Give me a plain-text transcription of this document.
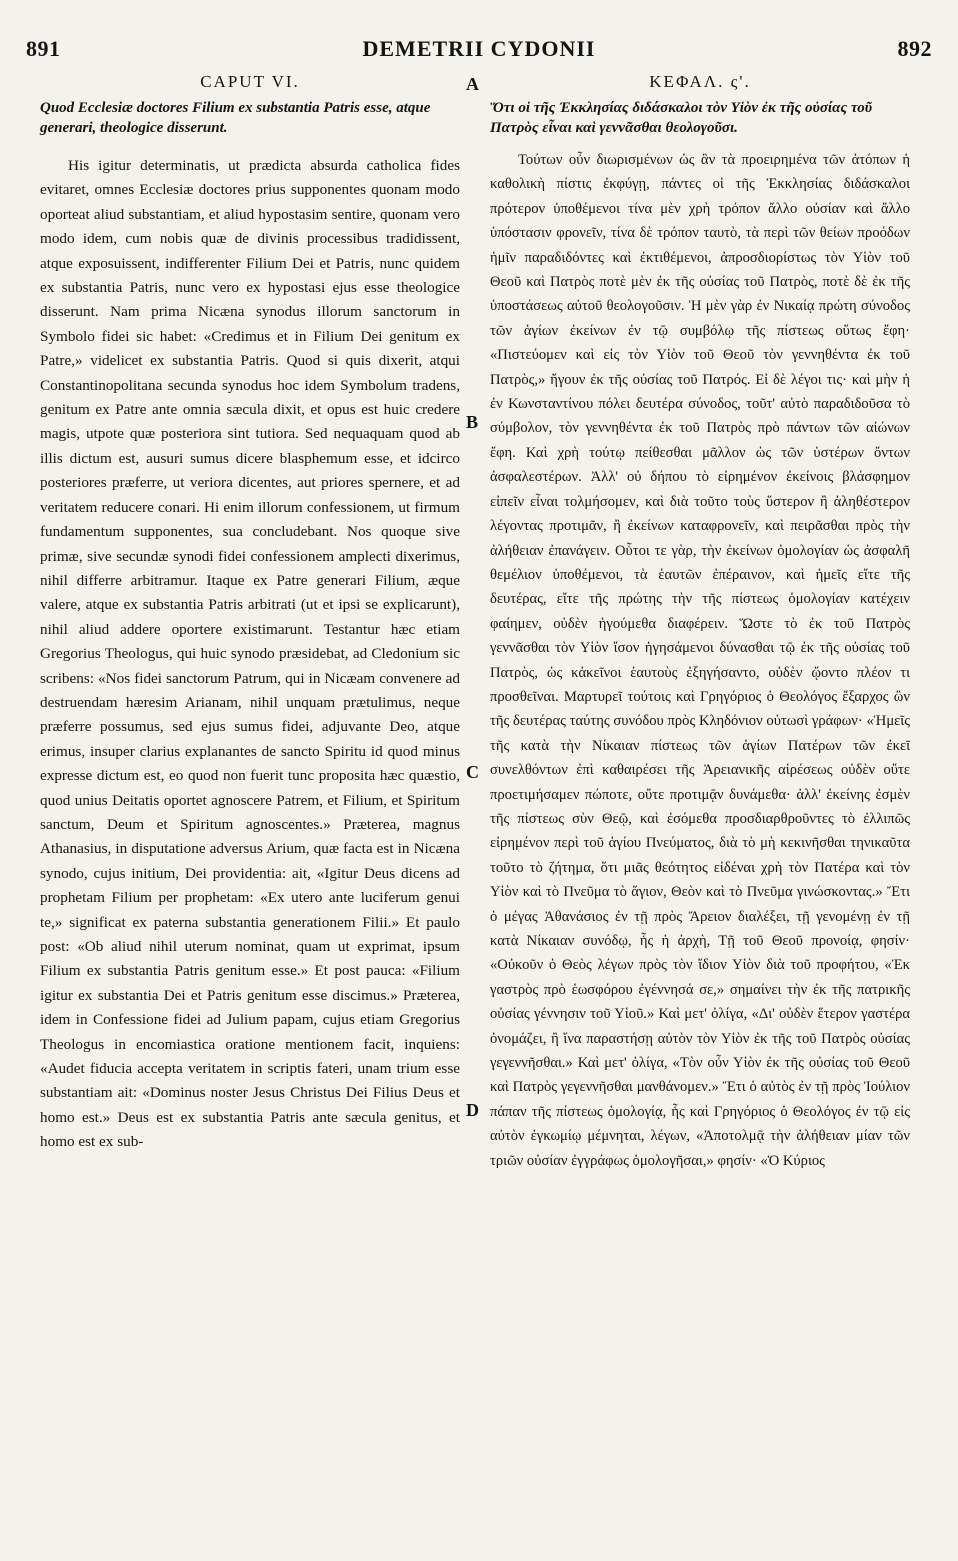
891	DEMETRII CYDONII	892
A
B
C
D
CAPUT VI.
Quod Ecclesiæ doctores Filium ex substantia Patris esse, atque generari, theologice disserunt.

His igitur determinatis, ut prædicta absurda catholica fides evitaret, omnes Ecclesiæ doctores prius supponentes quonam modo oporteat aliud substantiam, et aliud hypostasim sentire, quonam vero modo idem, cum nobis quæ de divinis processibus tradidissent, atque exposuissent, indifferenter Filium Dei et Patris, nunc quidem ex substantia Patris, nunc vero ex hypostasi ejus esse theologice disserunt. Nam prima Nicæna synodus illorum sanctorum in Symbolo fidei sic habet: «Credimus et in Filium Dei genitum ex Patre,» videlicet ex substantia Patris. Quod si quis dixerit, atqui Constantinopolitana secunda synodus hoc idem Symbolum tradens, genitum ex Patre ante omnia sæcula dixit, et opus est huic credere magis, utpote quæ posteriora sint tutiora. Sed nequaquam quod ab illis dictum est, ausuri sumus dicere blasphemum esse, et idcirco posteriores præferre, ut veriora dicentes, aut priores spernere, et ad veritatem reducere conari. Hi enim illorum confessionem, ut firmum fundamentum supponentes, sua concludebant. Nos quoque sive primæ, sive secundæ synodi fidei confessionem amplecti dixerimus, nihil differre arbitramur. Itaque ex Patre generari Filium, æque valere, atque ex substantia Patris arbitrati (ut et ipsi se explicarunt), nihil aliud addere oportere existimarunt. Testantur hæc etiam Gregorius Theologus, qui huic synodo præsidebat, ad Cledonium sic scribens: «Nos fidei sanctorum Patrum, qui in Nicæam convenere ad destruendam hæresim Arianam, nihil unquam prætulimus, neque præferre possumus, sed ejus sumus fidei, adjuvante Deo, atque erimus, insuper clarius explanantes de sancto Spiritu id quod minus expresse dictum est, eo quod non fuerit tunc proposita hæc quæstio, quod unius Deitatis oportet agnoscere Patrem, et Filium, et Spiritum sanctum, Deum et Spiritum agnoscentes.» Præterea, magnus Athanasius, in disputatione adversus Arium, quæ facta est in Nicæna synodo, cujus initium, Dei providentia: ait, «Igitur Deus dicens ad prophetam Filium per prophetam: «Ex utero ante luciferum genui te,» significat ex paterna substantia generationem Filii.» Et paulo post: «Ob aliud nihil uterum nominat, quam ut exprimat, ipsum Filium ex substantia Patris genitum esse.» Et post pauca: «Filium igitur ex substantia Dei et Patris genitum esse discimus.» Præterea, idem in Confessione fidei ad Julium papam, cujus etiam Gregorius Theologus in encomiastica oratione mentionem facit, inquiens: «Audet fiducia accepta veritatem in scriptis fateri, unam trium esse substantiam ait: «Dominus noster Jesus Christus Dei Filius Deus et homo est.» Deus est ex substantia Patris ante sæcula genitus, et homo est ex sub-

ΚΕΦΑΛ. ς'.
Ὅτι οἱ τῆς Ἐκκλησίας διδάσκαλοι τὸν Υἱὸν ἐκ τῆς οὐσίας τοῦ Πατρὸς εἶναι καὶ γεννᾶσθαι θεολογοῦσι.

Τούτων οὖν διωρισμένων ὡς ἂν τὰ προειρημένα τῶν ἀτόπων ἡ καθολικὴ πίστις ἐκφύγῃ, πάντες οἱ τῆς Ἐκκλησίας διδάσκαλοι πρότερον ὑποθέμενοι τίνα μὲν χρὴ τρόπον ἄλλο οὐσίαν καὶ ἄλλο ὑπόστασιν φρονεῖν, τίνα δὲ τρόπον ταυτὸ, τὰ περὶ τῶν θείων προόδων ἡμῖν παραδιδόντες καὶ ἐκτιθέμενοι, ἀπροσδιορίστως τὸν Υἱὸν τοῦ Θεοῦ καὶ Πατρὸς ποτὲ μὲν ἐκ τῆς οὐσίας τοῦ Πατρὸς, ποτὲ δὲ ἐκ τῆς ὑποστάσεως αὐτοῦ θεολογοῦσιν. Ἡ μὲν γὰρ ἐν Νικαίᾳ πρώτη σύνοδος τῶν ἁγίων ἐκείνων ἐν τῷ συμβόλῳ τῆς πίστεως οὕτως ἔφη· «Πιστεύομεν καὶ εἰς τὸν Υἱὸν τοῦ Θεοῦ τὸν γεννηθέντα ἐκ τοῦ Πατρὸς,» ἤγουν ἐκ τῆς οὐσίας τοῦ Πατρός. Εἰ δὲ λέγοι τις· καὶ μὴν ἡ ἐν Κωνσταντίνου πόλει δευτέρα σύνοδος, τοῦτ' αὐτὸ παραδιδοῦσα τὸ σύμβολον, τὸν γεννηθέντα ἐκ τοῦ Πατρὸς πρὸ πάντων τῶν αἰώνων ἔφη. Καὶ χρὴ τούτῳ πείθεσθαι μᾶλλον ὡς τῶν ὑστέρων ὄντων ἀσφαλεστέρων. Ἀλλ' οὐ δήπου τὸ εἰρημένον ἐκείνοις βλάσφημον εἰπεῖν εἶναι τολμήσομεν, καὶ διὰ τοῦτο τοὺς ὕστερον ἢ ἀληθέστερον λέγοντας προτιμᾶν, ἢ ἐκείνων καταφρονεῖν, καὶ πειρᾶσθαι πρὸς τὴν ἀλήθειαν ἐπανάγειν. Οὗτοι τε γὰρ, τὴν ἐκείνων ὁμολογίαν ὡς ἀσφαλῆ θεμέλιον ὑποθέμενοι, τὰ ἑαυτῶν ἐπέραινον, καὶ ἡμεῖς εἴτε τῆς δευτέρας, εἴτε τῆς πρώτης τὴν τῆς πίστεως ὁμολογίαν κατέχειν φαίημεν, οὐδὲν ἡγούμεθα διαφέρειν. Ὥστε τὸ ἐκ τοῦ Πατρὸς γεννᾶσθαι τὸν Υἱὸν ἴσον ἡγησάμενοι δύνασθαι τῷ ἐκ τῆς οὐσίας τοῦ Πατρὸς, ὡς κἀκεῖνοι ἑαυτοὺς ἐξηγήσαντο, οὐδὲν ᾤοντο πλέον τι προσθεῖναι. Μαρτυρεῖ τούτοις καὶ Γρηγόριος ὁ Θεολόγος ἔξαρχος ὢν τῆς δευτέρας ταύτης συνόδου πρὸς Κληδόνιον οὑτωσὶ γράφων· «Ἡμεῖς τῆς κατὰ τὴν Νίκαιαν πίστεως τῶν ἁγίων Πατέρων τῶν ἐκεῖ συνελθόντων ἐπὶ καθαιρέσει τῆς Ἀρειανικῆς αἱρέσεως οὐδὲν οὔτε προετιμήσαμεν πώποτε, οὔτε προτιμᾷν δυνάμεθα· ἀλλ' ἐκείνης ἐσμὲν τῆς πίστεως σὺν Θεῷ, καὶ ἐσόμεθα προσδιαρθροῦντες τὸ ἐλλιπῶς εἰρημένον περὶ τοῦ ἁγίου Πνεύματος, διὰ τὸ μὴ κεκινῆσθαι τηνικαῦτα τοῦτο τὸ ζήτημα, ὅτι μιᾶς θεότητος εἰδέναι χρὴ τὸν Πατέρα καὶ τὸν Υἱὸν καὶ τὸ Πνεῦμα τὸ ἅγιον, Θεὸν καὶ τὸ Πνεῦμα γινώσκοντας.» Ἔτι ὁ μέγας Ἀθανάσιος ἐν τῇ πρὸς Ἄρειον διαλέξει, τῇ γενομένῃ ἐν τῇ κατὰ Νίκαιαν συνόδῳ, ἧς ἡ ἀρχὴ, Τῇ τοῦ Θεοῦ προνοίᾳ, φησίν· «Οὐκοῦν ὁ Θεὸς λέγων πρὸς τὸν ἴδιον Υἱὸν διὰ τοῦ προφήτου, «Ἐκ γαστρὸς πρὸ ἑωσφόρου ἐγέννησά σε,» σημαίνει τὴν ἐκ τῆς πατρικῆς οὐσίας γέννησιν τοῦ Υἱοῦ.» Καὶ μετ' ὀλίγα, «Δι' οὐδὲν ἕτερον γαστέρα ὀνομάζει, ἢ ἵνα παραστήσῃ αὐτὸν τὸν Υἱὸν ἐκ τῆς τοῦ Πατρὸς οὐσίας γεγεννῆσθαι.» Καὶ μετ' ὀλίγα, «Τὸν οὖν Υἱὸν ἐκ τῆς οὐσίας τοῦ Θεοῦ καὶ Πατρὸς γεγεννῆσθαι μανθάνομεν.» Ἔτι ὁ αὐτὸς ἐν τῇ πρὸς Ἰούλιον πάπαν τῆς πίστεως ὁμολογίᾳ, ἧς καὶ Γρηγόριος ὁ Θεολόγος ἐν τῷ εἰς αὐτὸν ἐγκωμίῳ μέμνηται, λέγων, «Ἀποτολμᾷ τὴν ἀλήθειαν μίαν τῶν τριῶν οὐσίαν ἐγγράφως ὁμολογῆσαι,» φησίν· «Ὁ Κύριος
